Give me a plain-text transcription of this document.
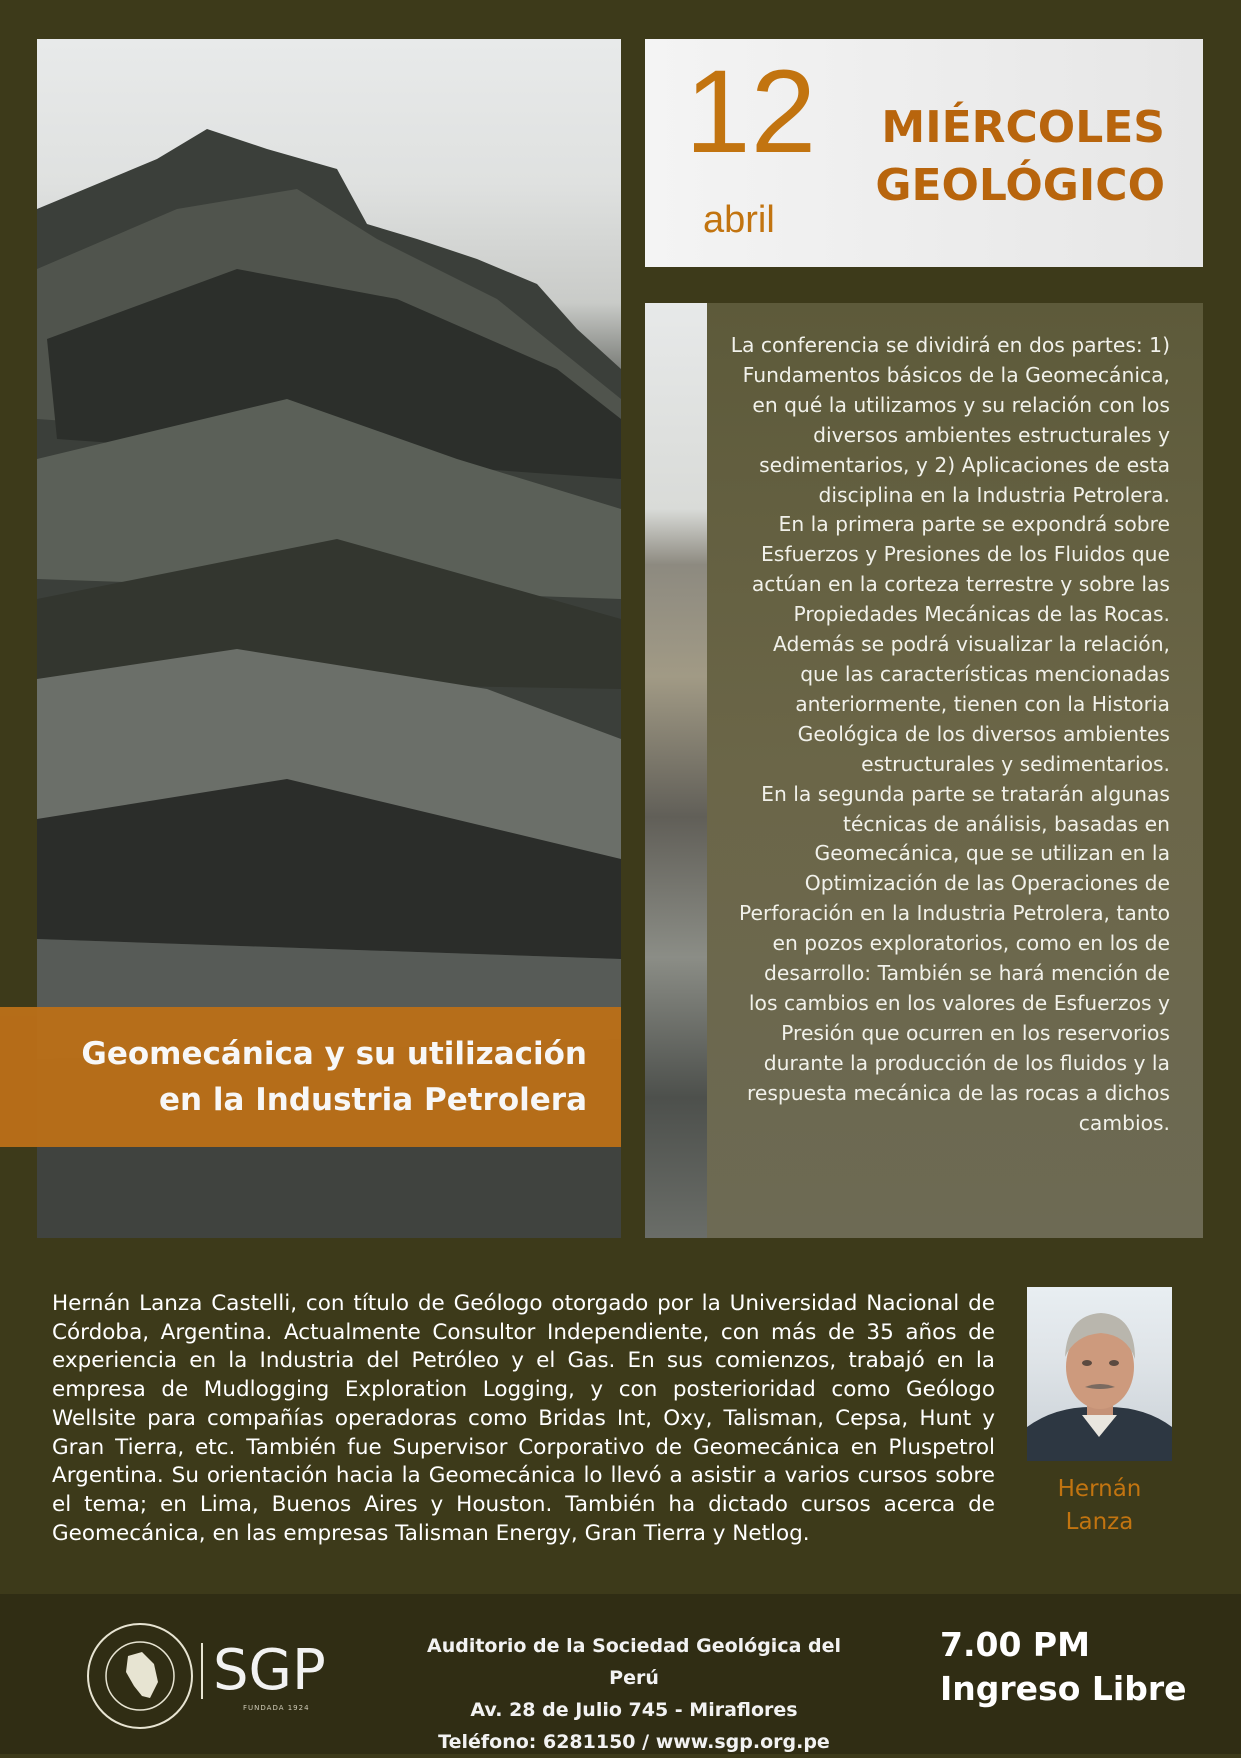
12
abril
MIÉRCOLES
GEOLÓGICO
La conferencia se dividirá en dos partes: 1) Fundamentos básicos de la Geomecánica, en qué la utilizamos y su relación con los diversos ambientes estructurales y sedimentarios, y 2) Aplicaciones de esta disciplina en la Industria Petrolera.
En la primera parte se expondrá sobre Esfuerzos y Presiones de los Fluidos que actúan en la corteza terrestre y sobre las Propiedades Mecánicas de las Rocas. Además se podrá visualizar la relación, que las características mencionadas anteriormente, tienen con la Historia Geológica de los diversos ambientes estructurales y sedimentarios.
En la segunda parte se tratarán algunas técnicas de análisis, basadas en Geomecánica, que se utilizan en la Optimización de las Operaciones de Perforación en la Industria Petrolera, tanto en pozos exploratorios, como en los de desarrollo: También se hará mención de los cambios en los valores de Esfuerzos y Presión que ocurren en los reservorios durante la producción de los fluidos y la respuesta mecánica de las rocas a dichos cambios.
Geomecánica y su utilización
en la Industria Petrolera
Hernán Lanza Castelli, con título de Geólogo otorgado por la Universidad Nacional de Córdoba, Argentina. Actualmente Consultor Independiente, con más de 35 años de experiencia en la Industria del Petróleo y el Gas. En sus comienzos, trabajó en la empresa de Mudlogging Exploration Logging, y con posterioridad como Geólogo Wellsite para compañías operadoras como Bridas Int, Oxy, Talisman, Cepsa, Hunt y Gran Tierra, etc. También fue Supervisor Corporativo de Geomecánica en Pluspetrol Argentina. Su orientación hacia la Geomecánica lo llevó a asistir a varios cursos sobre el tema; en Lima, Buenos Aires y Houston. También ha dictado cursos acerca de Geomecánica, en las empresas Talisman Energy, Gran Tierra y Netlog.
Hernán
Lanza
SGP
FUNDADA 1924
Auditorio de la Sociedad Geológica del Perú
Av. 28 de Julio 745 - Miraflores
Teléfono: 6281150 / www.sgp.org.pe
7.00 PM
Ingreso Libre
